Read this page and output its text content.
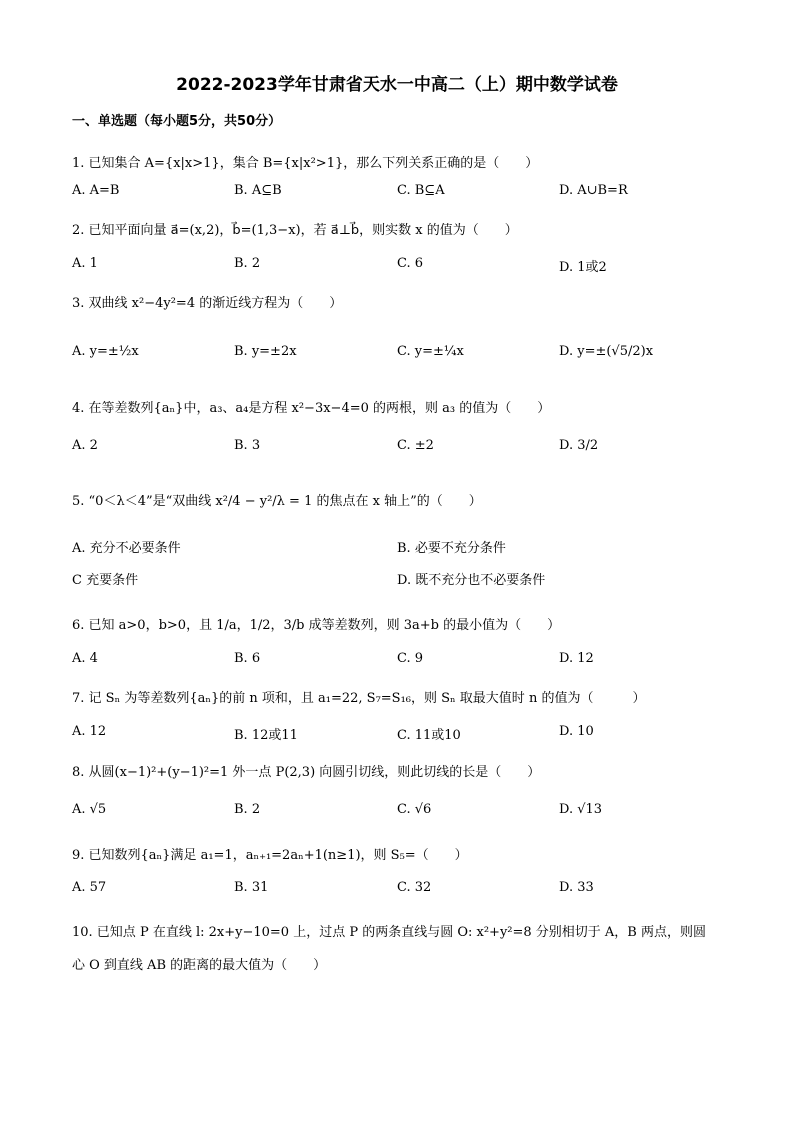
2022-2023学年甘肃省天水一中高二（上）期中数学试卷
一、单选题（每小题5分，共50分）
1. 已知集合 A={x|x>1}，集合 B={x|x²>1}，那么下列关系正确的是（　　）
A. A=B	B. A⊆B	C. B⊆A	D. A∪B=R
2. 已知平面向量 a⃗=(x,2)，b⃗=(1,3−x)，若 a⃗⊥b⃗，则实数 x 的值为（　　）
A. 1	B. 2	C. 6	D. 1或2
3. 双曲线 x²−4y²=4 的渐近线方程为（　　）
A. y=±½x	B. y=±2x	C. y=±¼x	D. y=±(√5/2)x
4. 在等差数列{aₙ}中，a₃、a₄是方程 x²−3x−4=0 的两根，则 a₃ 的值为（　　）
A. 2	B. 3	C. ±2	D. 3/2
5. “0＜λ＜4”是“双曲线 x²/4 − y²/λ = 1 的焦点在 x 轴上”的（　　）
A. 充分不必要条件	B. 必要不充分条件
C 充要条件	D. 既不充分也不必要条件
6. 已知 a>0，b>0，且 1/a，1/2，3/b 成等差数列，则 3a+b 的最小值为（　　）
A. 4	B. 6	C. 9	D. 12
7. 记 Sₙ 为等差数列{aₙ}的前 n 项和，且 a₁=22, S₇=S₁₆，则 Sₙ 取最大值时 n 的值为（　　　）
A. 12	B. 12或11	C. 11或10	D. 10
8. 从圆(x−1)²+(y−1)²=1 外一点 P(2,3) 向圆引切线，则此切线的长是（　　）
A. √5	B. 2	C. √6	D. √13
9. 已知数列{aₙ}满足 a₁=1，aₙ₊₁=2aₙ+1(n≥1)，则 S₅=（　　）
A. 57	B. 31	C. 32	D. 33
10. 已知点 P 在直线 l: 2x+y−10=0 上，过点 P 的两条直线与圆 O: x²+y²=8 分别相切于 A，B 两点，则圆心 O 到直线 AB 的距离的最大值为（　　）
